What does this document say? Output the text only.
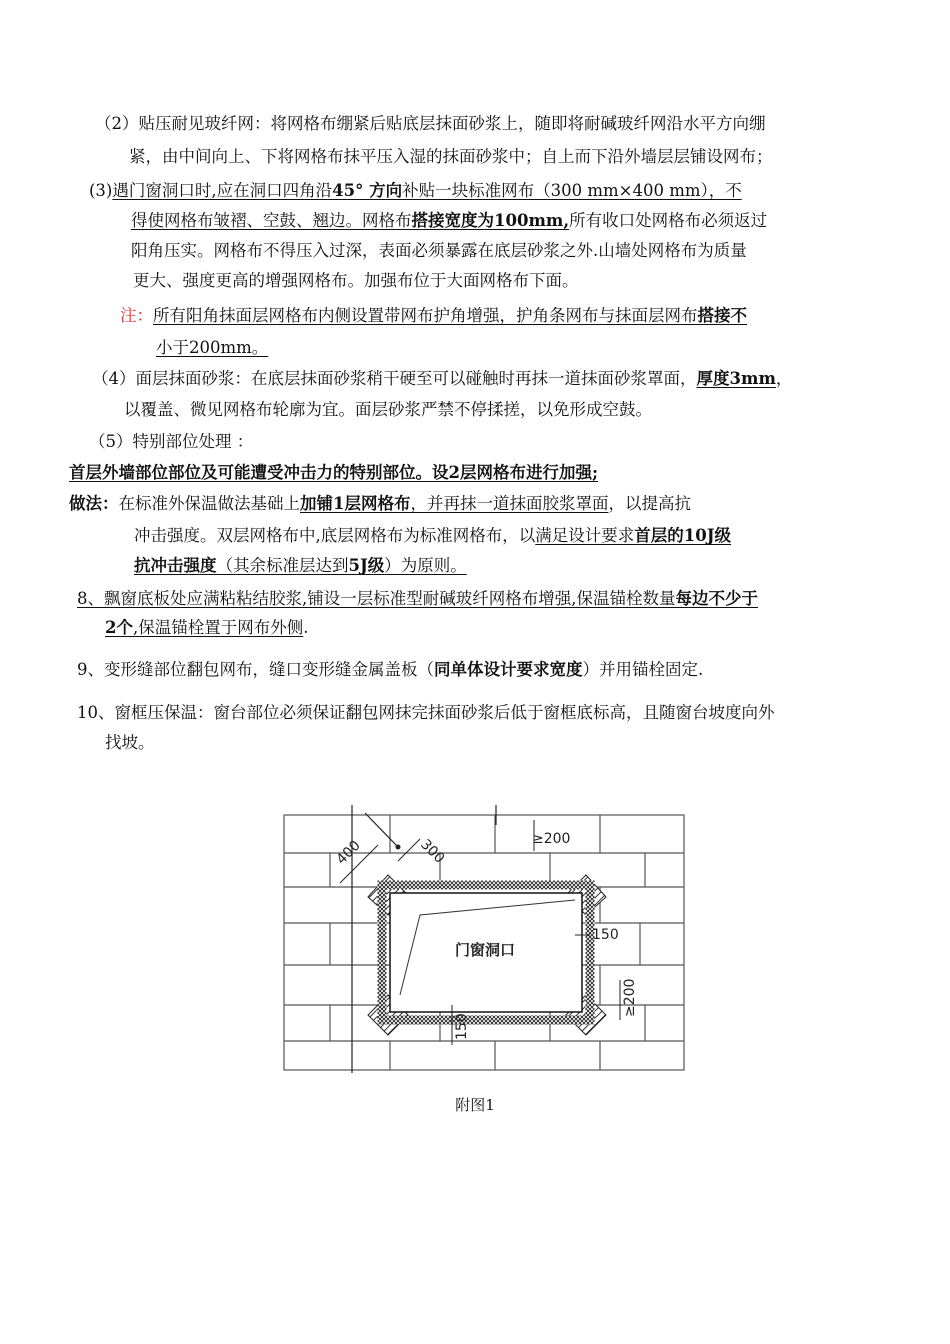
（2）贴压耐见玻纤网：将网格布绷紧后贴底层抹面砂浆上，随即将耐碱玻纤网沿水平方向绷
紧，由中间向上、下将网格布抹平压入湿的抹面砂浆中；自上而下沿外墙层层铺设网布；
(3)遇门窗洞口时,应在洞口四角沿45° 方向补贴一块标准网布（300 mm×400 mm），不
得使网格布皱褶、空鼓、翘边。网格布搭接宽度为100mm,所有收口处网格布必须返过
阳角压实。网格布不得压入过深，表面必须暴露在底层砂浆之外.山墙处网格布为质量
更大、强度更高的增强网格布。加强布位于大面网格布下面。
注：所有阳角抹面层网格布内侧设置带网布护角增强，护角条网布与抹面层网布搭接不
小于200mm。
（4）面层抹面砂浆：在底层抹面砂浆稍干硬至可以碰触时再抹一道抹面砂浆罩面，厚度3mm，
以覆盖、微见网格布轮廓为宜。面层砂浆严禁不停揉搓，以免形成空鼓。
（5）特别部位处理 ：
首层外墙部位部位及可能遭受冲击力的特别部位。设2层网格布进行加强;
做法：在标准外保温做法基础上加铺1层网格布，并再抹一道抹面胶浆罩面，以提高抗
冲击强度。双层网格布中,底层网格布为标准网格布，以满足设计要求首层的10J级
抗冲击强度（其余标准层达到5J级）为原则。
8、飘窗底板处应满粘粘结胶浆,铺设一层标准型耐碱玻纤网格布增强,保温锚栓数量每边不少于
2个,保温锚栓置于网布外侧.
9、变形缝部位翻包网布，缝口变形缝金属盖板（同单体设计要求宽度）并用锚栓固定.
10、窗框压保温：窗台部位必须保证翻包网抹完抹面砂浆后低于窗框底标高，且随窗台坡度向外
找坡。
门窗洞口
400	300	≥200
150
≥200
150
附图1
